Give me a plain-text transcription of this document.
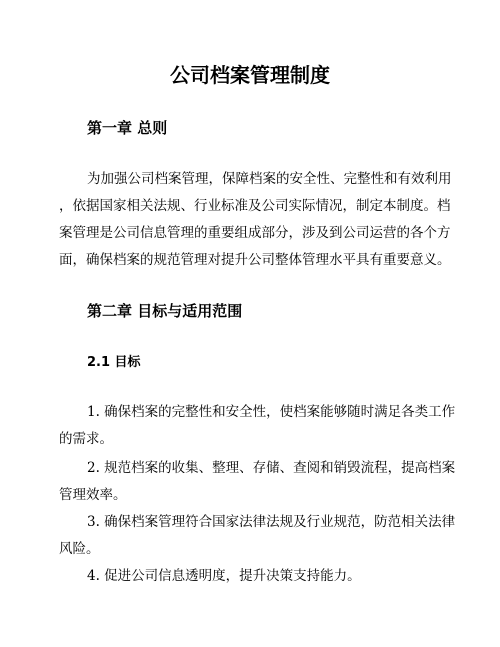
公司档案管理制度
第一章 总则
为加强公司档案管理，保障档案的安全性、完整性和有效利用
，依据国家相关法规、行业标准及公司实际情况，制定本制度。档
案管理是公司信息管理的重要组成部分，涉及到公司运营的各个方
面，确保档案的规范管理对提升公司整体管理水平具有重要意义。
第二章 目标与适用范围
2.1 目标
1. 确保档案的完整性和安全性，使档案能够随时满足各类工作
的需求。
2. 规范档案的收集、整理、存储、查阅和销毁流程，提高档案
管理效率。
3. 确保档案管理符合国家法律法规及行业规范，防范相关法律
风险。
4. 促进公司信息透明度，提升决策支持能力。
